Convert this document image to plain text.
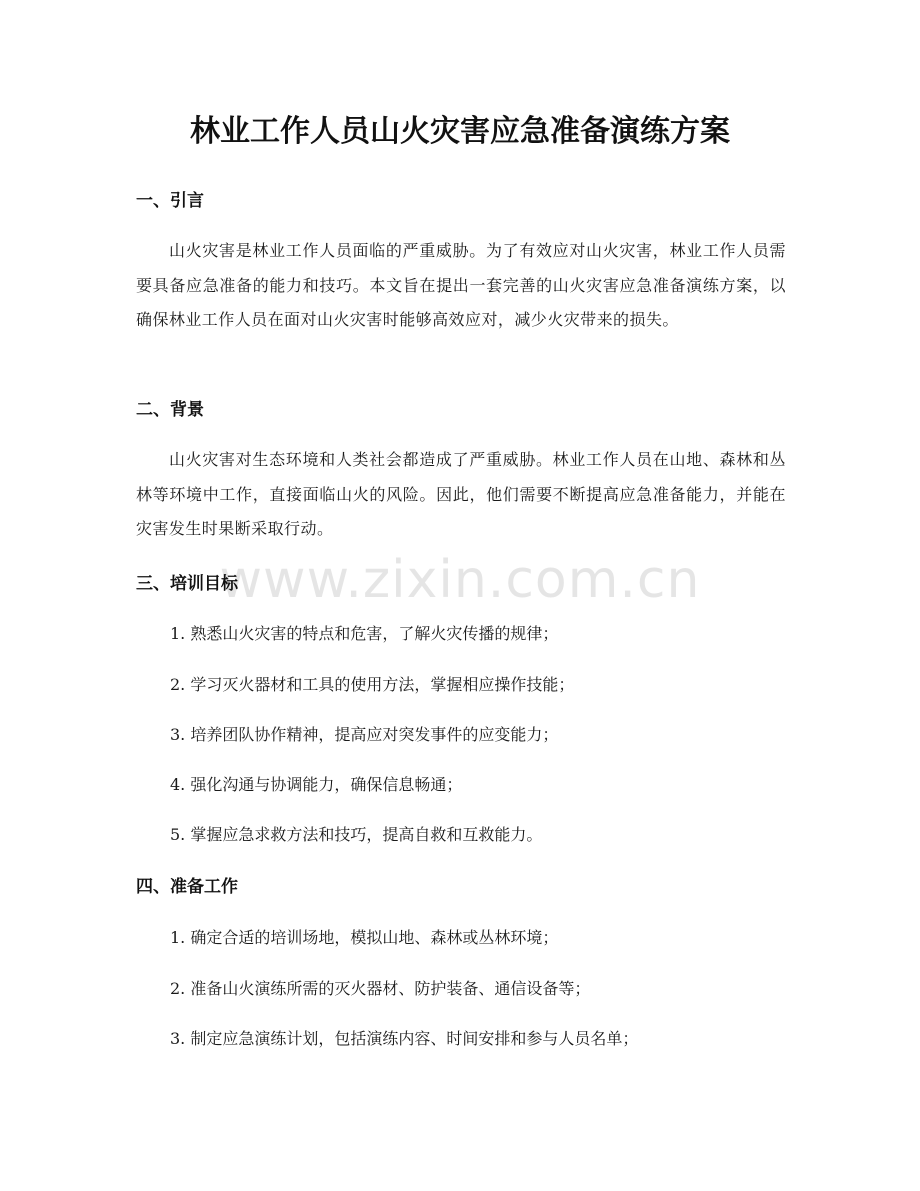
www.zixin.com.cn
林业工作人员山火灾害应急准备演练方案
一、引言

山火灾害是林业工作人员面临的严重威胁。为了有效应对山火灾害，林业工作人员需要具备应急准备的能力和技巧。本文旨在提出一套完善的山火灾害应急准备演练方案，以确保林业工作人员在面对山火灾害时能够高效应对，减少火灾带来的损失。

二、背景

山火灾害对生态环境和人类社会都造成了严重威胁。林业工作人员在山地、森林和丛林等环境中工作，直接面临山火的风险。因此，他们需要不断提高应急准备能力，并能在灾害发生时果断采取行动。

三、培训目标

1. 熟悉山火灾害的特点和危害，了解火灾传播的规律；

2. 学习灭火器材和工具的使用方法，掌握相应操作技能；

3. 培养团队协作精神，提高应对突发事件的应变能力；

4. 强化沟通与协调能力，确保信息畅通；

5. 掌握应急求救方法和技巧，提高自救和互救能力。

四、准备工作

1. 确定合适的培训场地，模拟山地、森林或丛林环境；

2. 准备山火演练所需的灭火器材、防护装备、通信设备等；

3. 制定应急演练计划，包括演练内容、时间安排和参与人员名单；
